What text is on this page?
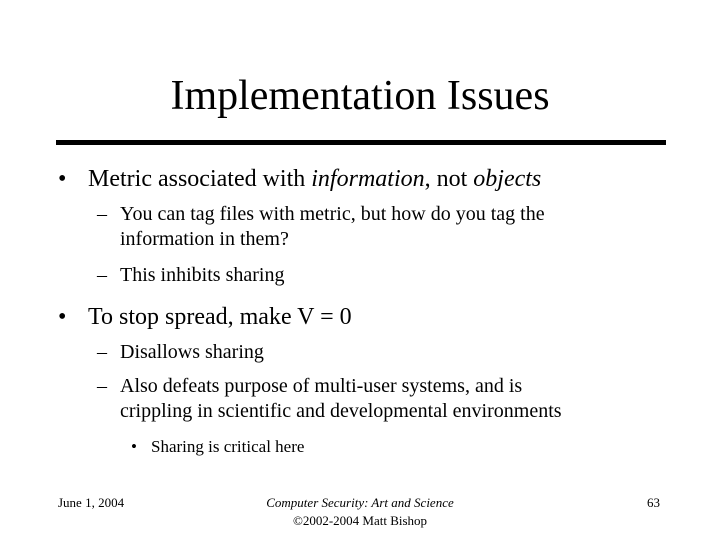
Implementation Issues
• Metric associated with information, not objects
– You can tag files with metric, but how do you tag the
information in them?
– This inhibits sharing
• To stop spread, make V = 0
– Disallows sharing
– Also defeats purpose of multi-user systems, and is
crippling in scientific and developmental environments
• Sharing is critical here
June 1, 2004	Computer Security: Art and Science
©2002-2004 Matt Bishop
63
